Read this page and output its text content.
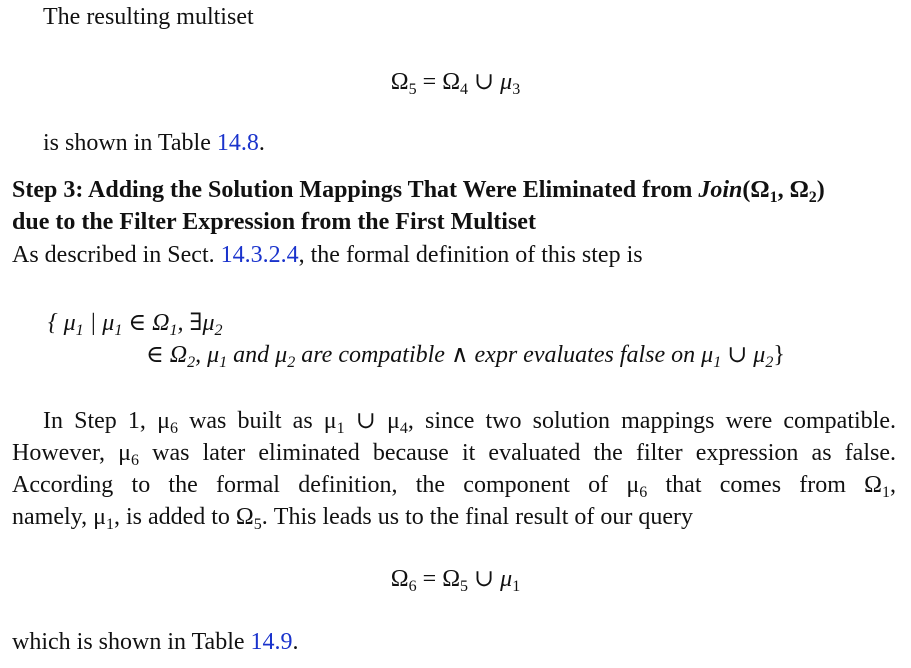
The resulting multiset
$\Omega_5 = \Omega_4$ ∪ $\mu_3$
is shown in Table 14.8.
Step 3: Adding the Solution Mappings That Were Eliminated from $Join(\Omega_1$, $\Omega_2$)
due to the Filter Expression from the First Multiset
As described in Sect. 14.3.2.4, the formal definition of this step is
{ $\mu_1$ | $\mu_1$ ∈ $\Omega_1$, $\exists\mu_2$
∈ $\Omega_2$, $\mu_1$ and $\mu_2$ are compatible ∧ expr evaluates false on $\mu_1$ ∪ $\mu_2$}
In Step 1, $\mu_6$ was built as $\mu_1$ ∪ $\mu_4$, since two solution mappings were compatible.
However, $\mu_6$ was later eliminated because it evaluated the filter expression as false.
According to the formal definition, the component of $\mu_6$ that comes from $\Omega_1$,
namely, $\mu_1$, is added to $\Omega_5$. This leads us to the final result of our query
$\Omega_6 = \Omega_5$ ∪ $\mu_1$
which is shown in Table 14.9.
